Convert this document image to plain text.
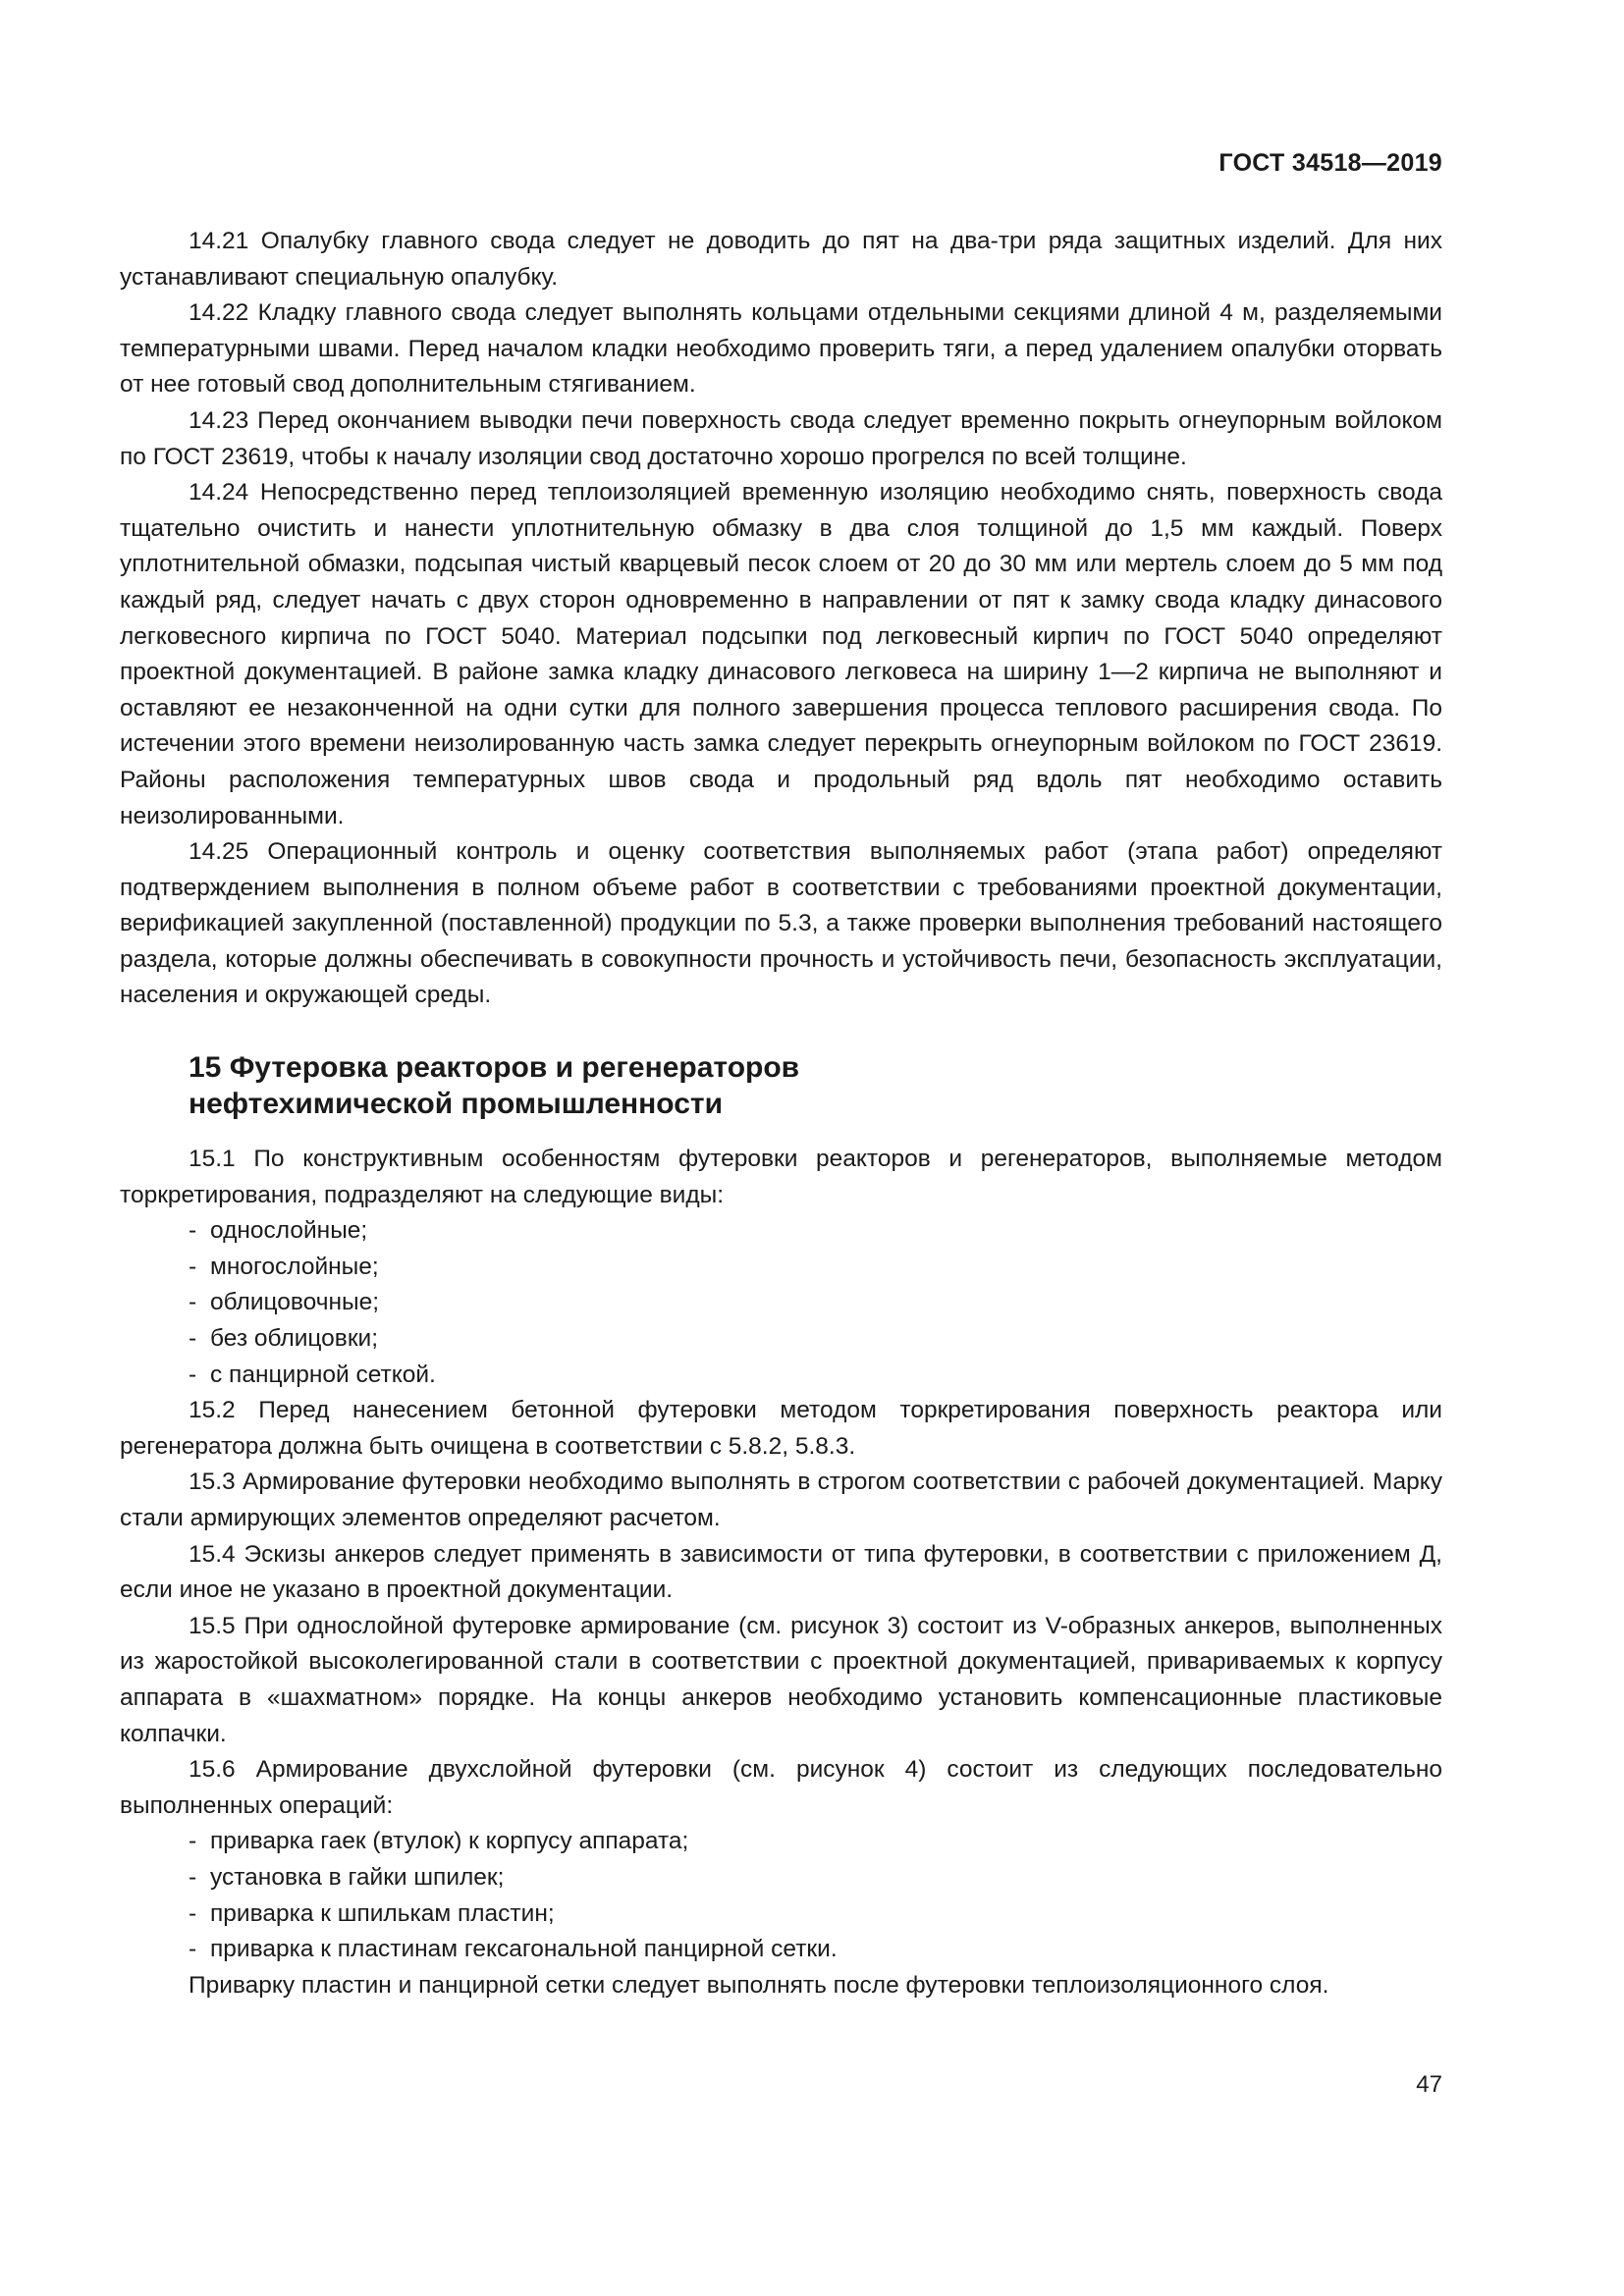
ГОСТ 34518—2019

14.21 Опалубку главного свода следует не доводить до пят на два-три ряда защитных изделий. Для них устанавливают специальную опалубку.

14.22 Кладку главного свода следует выполнять кольцами отдельными секциями длиной 4 м, разделяемыми температурными швами. Перед началом кладки необходимо проверить тяги, а перед удалением опалубки оторвать от нее готовый свод дополнительным стягиванием.

14.23 Перед окончанием выводки печи поверхность свода следует временно покрыть огнеупорным войлоком по ГОСТ 23619, чтобы к началу изоляции свод достаточно хорошо прогрелся по всей толщине.

14.24 Непосредственно перед теплоизоляцией временную изоляцию необходимо снять, поверхность свода тщательно очистить и нанести уплотнительную обмазку в два слоя толщиной до 1,5 мм каждый. Поверх уплотнительной обмазки, подсыпая чистый кварцевый песок слоем от 20 до 30 мм или мертель слоем до 5 мм под каждый ряд, следует начать с двух сторон одновременно в направлении от пят к замку свода кладку динасового легковесного кирпича по ГОСТ 5040. Материал подсыпки под легковесный кирпич по ГОСТ 5040 определяют проектной документацией. В районе замка кладку динасового легковеса на ширину 1—2 кирпича не выполняют и оставляют ее незаконченной на одни сутки для полного завершения процесса теплового расширения свода. По истечении этого времени неизолированную часть замка следует перекрыть огнеупорным войлоком по ГОСТ 23619. Районы расположения температурных швов свода и продольный ряд вдоль пят необходимо оставить неизолированными.

14.25 Операционный контроль и оценку соответствия выполняемых работ (этапа работ) определяют подтверждением выполнения в полном объеме работ в соответствии с требованиями проектной документации, верификацией закупленной (поставленной) продукции по 5.3, а также проверки выполнения требований настоящего раздела, которые должны обеспечивать в совокупности прочность и устойчивость печи, безопасность эксплуатации, населения и окружающей среды.

15 Футеровка реакторов и регенераторов
нефтехимической промышленности

15.1 По конструктивным особенностям футеровки реакторов и регенераторов, выполняемые методом торкретирования, подразделяют на следующие виды:

- однослойные;
- многослойные;
- облицовочные;
- без облицовки;
- с панцирной сеткой.

15.2 Перед нанесением бетонной футеровки методом торкретирования поверхность реактора или регенератора должна быть очищена в соответствии с 5.8.2, 5.8.3.

15.3 Армирование футеровки необходимо выполнять в строгом соответствии с рабочей документацией. Марку стали армирующих элементов определяют расчетом.

15.4 Эскизы анкеров следует применять в зависимости от типа футеровки, в соответствии с приложением Д, если иное не указано в проектной документации.

15.5 При однослойной футеровке армирование (см. рисунок 3) состоит из V-образных анкеров, выполненных из жаростойкой высоколегированной стали в соответствии с проектной документацией, привариваемых к корпусу аппарата в «шахматном» порядке. На концы анкеров необходимо установить компенсационные пластиковые колпачки.

15.6 Армирование двухслойной футеровки (см. рисунок 4) состоит из следующих последовательно выполненных операций:

- приварка гаек (втулок) к корпусу аппарата;
- установка в гайки шпилек;
- приварка к шпилькам пластин;
- приварка к пластинам гексагональной панцирной сетки.

Приварку пластин и панцирной сетки следует выполнять после футеровки теплоизоляционного слоя.

47
